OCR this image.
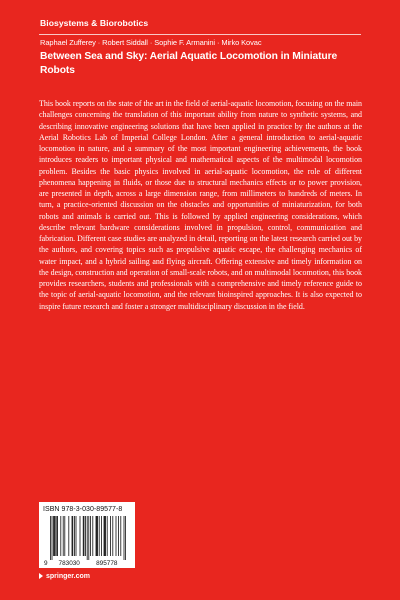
Biosystems & Biorobotics
Raphael Zufferey · Robert Siddall · Sophie F. Armanini · Mirko Kovac
Between Sea and Sky: Aerial Aquatic Locomotion in Miniature
Robots

This book reports on the state of the art in the field of aerial-aquatic locomotion, focusing on the main challenges concerning the translation of this important ability from nature to synthetic systems, and describing innovative engineering solutions that have been applied in practice by the authors at the Aerial Robotics Lab of Imperial College London. After a general introduction to aerial-aquatic locomotion in nature, and a summary of the most important engineering achievements, the book introduces readers to important physical and mathematical aspects of the multimodal locomotion problem. Besides the basic physics involved in aerial-aquatic locomotion, the role of different phenomena happening in fluids, or those due to structural mechanics effects or to power provision, are presented in depth, across a large dimension range, from millimeters to hundreds of meters. In turn, a practice-oriented discussion on the obstacles and opportunities of miniaturization, for both robots and animals is carried out. This is followed by applied engineering considerations, which describe relevant hardware considerations involved in propulsion, control, communication and fabrication. Different case studies are analyzed in detail, reporting on the latest research carried out by the authors, and covering topics such as propulsive aquatic escape, the challenging mechanics of water impact, and a hybrid sailing and flying aircraft. Offering extensive and timely information on the design, construction and operation of small-scale robots, and on multimodal locomotion, this book provides researchers, students and professionals with a comprehensive and timely reference guide to the topic of aerial-aquatic locomotion, and the relevant bioinspired approaches. It is also expected to inspire future research and foster a stronger multidisciplinary discussion in the field.

ISBN 978-3-030-89577-8
9 783030	895778
springer.com
